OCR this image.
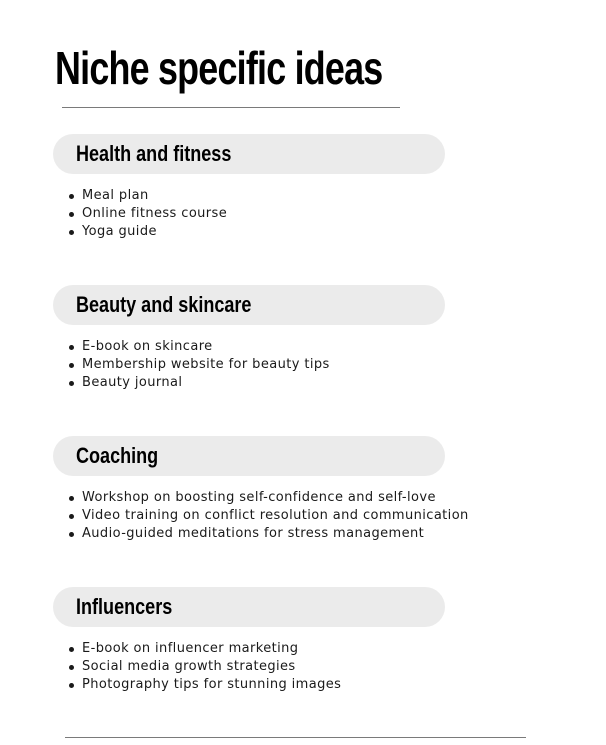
Niche specific ideas
Health and fitness
Meal plan
Online fitness course
Yoga guide
Beauty and skincare
E-book on skincare
Membership website for beauty tips
Beauty journal
Coaching
Workshop on boosting self-confidence and self-love
Video training on conflict resolution and communication
Audio-guided meditations for stress management
Influencers
E-book on influencer marketing
Social media growth strategies
Photography tips for stunning images
